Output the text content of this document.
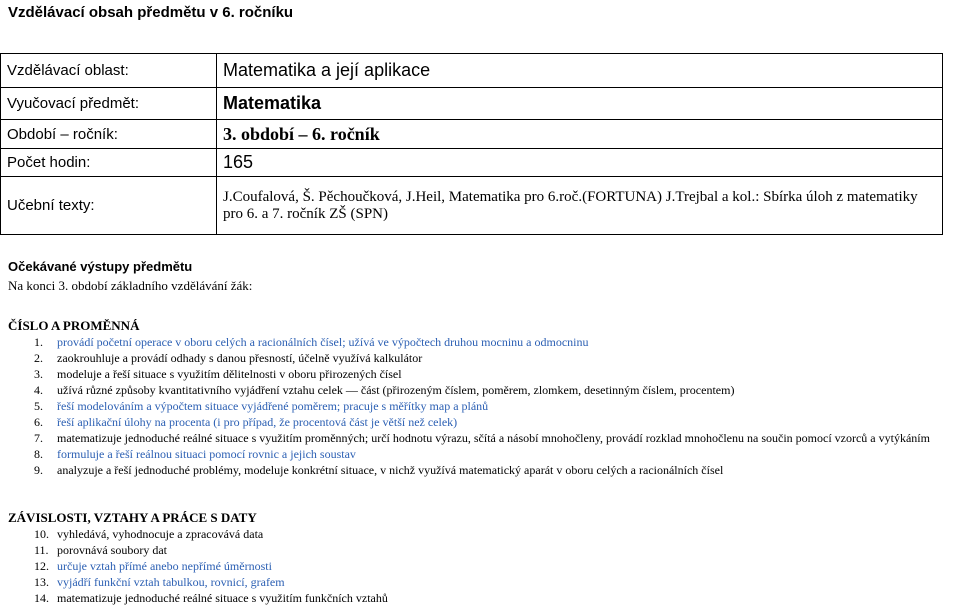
Vzdělávací obsah předmětu v 6. ročníku
Vzdělávací oblast:	Matematika a její aplikace
Vyučovací předmět:	Matematika
Období – ročník:	3. období – 6. ročník
Počet hodin:	165
Učební texty:	J.Coufalová, Š. Pěchoučková, J.Heil, Matematika pro 6.roč.(FORTUNA) J.Trejbal a kol.: Sbírka úloh z matematiky pro 6. a 7. ročník ZŠ (SPN)
Očekávané výstupy předmětu
Na konci 3. období základního vzdělávání žák:
ČÍSLO A PROMĚNNÁ
1. provádí početní operace v oboru celých a racionálních čísel; užívá ve výpočtech druhou mocninu a odmocninu
2. zaokrouhluje a provádí odhady s danou přesností, účelně využívá kalkulátor
3. modeluje a řeší situace s využitím dělitelnosti v oboru přirozených čísel
4. užívá různé způsoby kvantitativního vyjádření vztahu celek — část (přirozeným číslem, poměrem, zlomkem, desetinným číslem, procentem)
5. řeší modelováním a výpočtem situace vyjádřené poměrem; pracuje s měřítky map a plánů
6. řeší aplikační úlohy na procenta (i pro případ, že procentová část je větší než celek)
7. matematizuje jednoduché reálné situace s využitím proměnných; určí hodnotu výrazu, sčítá a násobí mnohočleny, provádí rozklad mnohočlenu na součin pomocí vzorců a vytýkáním
8. formuluje a řeší reálnou situaci pomocí rovnic a jejich soustav
9. analyzuje a řeší jednoduché problémy, modeluje konkrétní situace, v nichž využívá matematický aparát v oboru celých a racionálních čísel
ZÁVISLOSTI, VZTAHY A PRÁCE S DATY
10. vyhledává, vyhodnocuje a zpracovává data
11. porovnává soubory dat
12. určuje vztah přímé anebo nepřímé úměrnosti
13. vyjádří funkční vztah tabulkou, rovnicí, grafem
14. matematizuje jednoduché reálné situace s využitím funkčních vztahů
